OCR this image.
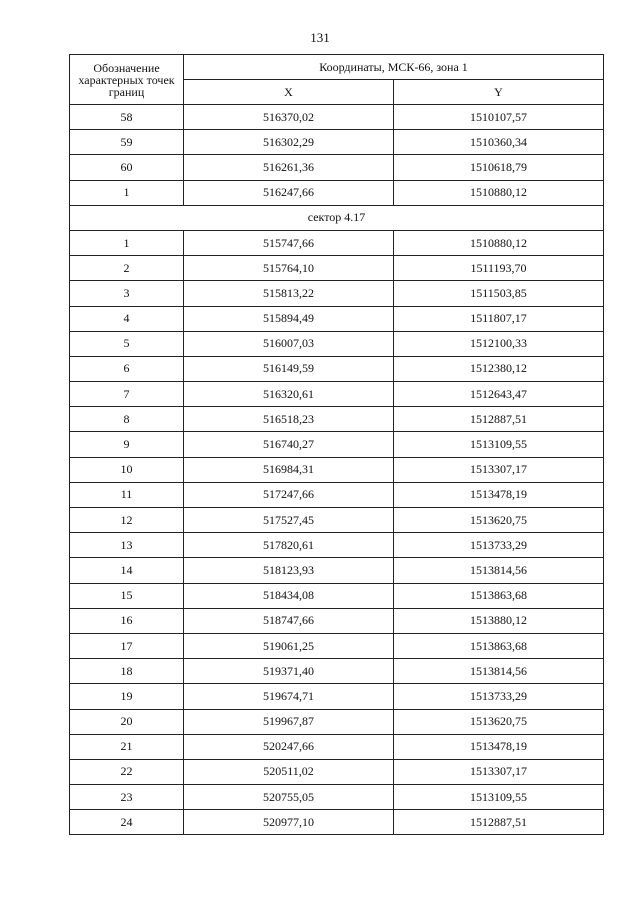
131
Обозначение характерных точек границ	Координаты, МСК-66, зона 1	
	X	Y
58	516370,02	1510107,57
59	516302,29	1510360,34
60	516261,36	1510618,79
1	516247,66	1510880,12
сектор 4.17		
1	515747,66	1510880,12
2	515764,10	1511193,70
3	515813,22	1511503,85
4	515894,49	1511807,17
5	516007,03	1512100,33
6	516149,59	1512380,12
7	516320,61	1512643,47
8	516518,23	1512887,51
9	516740,27	1513109,55
10	516984,31	1513307,17
11	517247,66	1513478,19
12	517527,45	1513620,75
13	517820,61	1513733,29
14	518123,93	1513814,56
15	518434,08	1513863,68
16	518747,66	1513880,12
17	519061,25	1513863,68
18	519371,40	1513814,56
19	519674,71	1513733,29
20	519967,87	1513620,75
21	520247,66	1513478,19
22	520511,02	1513307,17
23	520755,05	1513109,55
24	520977,10	1512887,51
